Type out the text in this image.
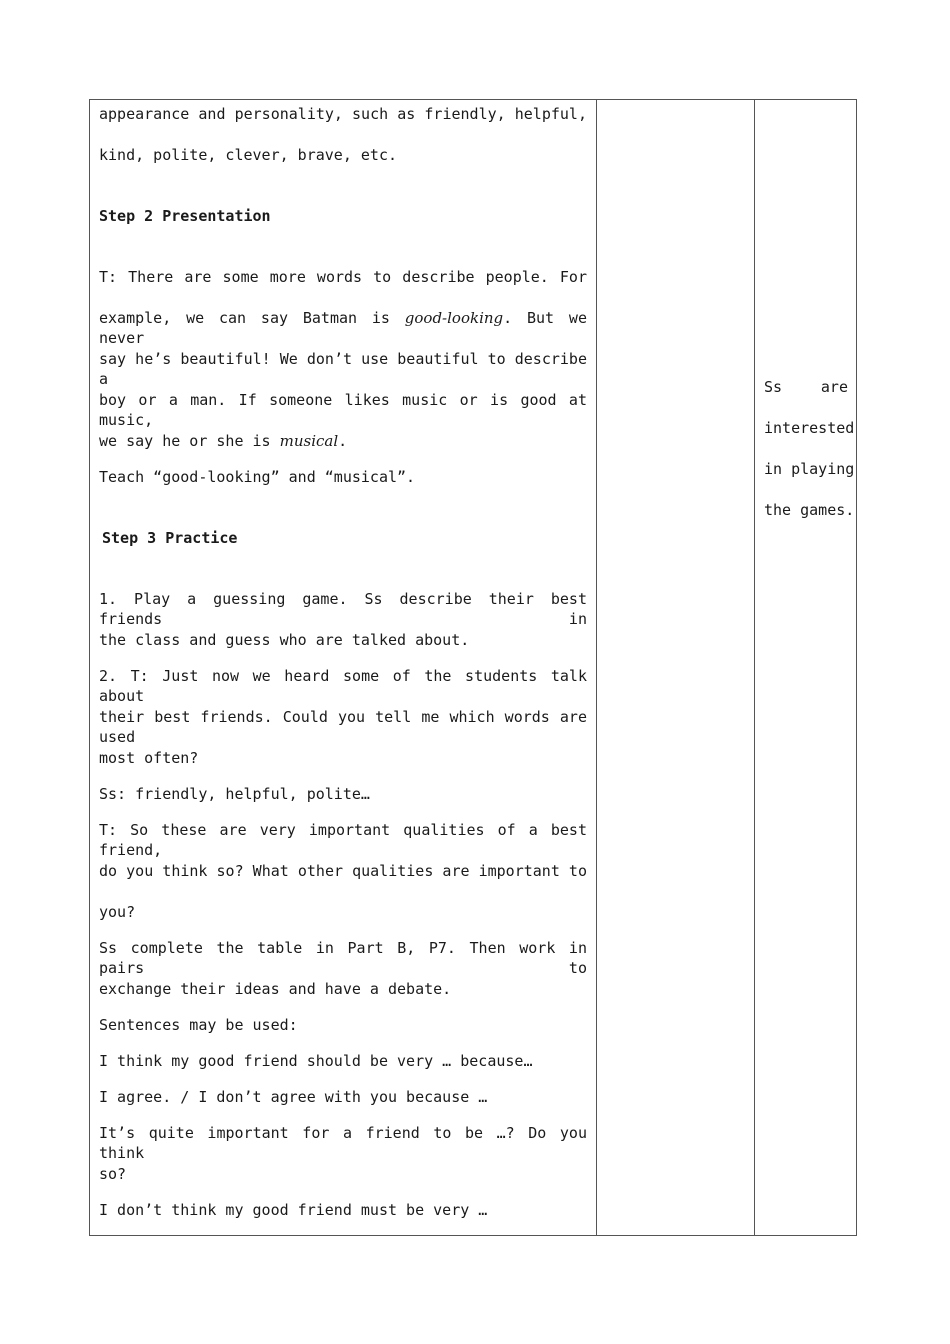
appearance and personality, such as friendly, helpful,
kind, polite, clever, brave, etc.
Step 2 Presentation
T: There are some more words to describe people. For
example, we can say Batman is good-looking. But we never
say he’s beautiful! We don’t use beautiful to describe a
boy or a man. If someone likes music or is good at music,
we say he or she is musical.
Teach “good-looking” and “musical”.
Step 3 Practice
1. Play a guessing game. Ss describe their best friends in
the class and guess who are talked about.
2. T: Just now we heard some of the students talk about
their best friends. Could you tell me which words are used
most often?
Ss: friendly, helpful, polite…
T: So these are very important qualities of a best friend,
do you think so? What other qualities are important to
you?
Ss complete the table in Part B, P7. Then work in pairs to
exchange their ideas and have a debate.
Sentences may be used:
I think my good friend should be very … because…
I agree. / I don’t agree with you because …
It’s quite important for a friend to be …? Do you think
so?
I don’t think my good friend must be very …
Ss are
interested
in playing
the games.
